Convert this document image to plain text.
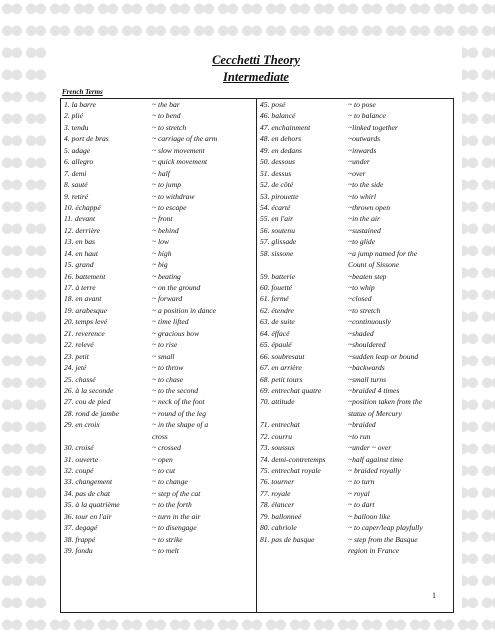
Cecchetti Theory
Intermediate
French Terms
1. la barre	~ the bar
2. plié	~ to bend
3. tendu	~ to stretch
4. port de bras	~ carriage of the arm
5. adage	~ slow movement
6. allegro	~ quick movement
7. demi	~ half
8. sauté	~ to jump
9. retiré	~ to withdraw
10. échappé	~ to escape
11. devant	~ front
12. derrière	~ behind
13. en bas	~ low
14. en haut	~ high
15. grand	~ big
16. battement	~ beating
17. à terre	~ on the ground
18. en avant	~ forward
19. arabesque	~ a position in dance
20. temps levé	~ time lifted
21. reverence	~ gracious bow
22. relevé	~ to rise
23. petit	~ small
24. jeté	~ to throw
25. chassé	~ to chase
26. à la seconde	~ to the second
27. cou de pied	~ neck of the foot
28. rond de jambe	~ round of the leg
29. en croix	~ in the shape of a
cross
30. croisé	~ crossed
31. ouverte	~ open
32. coupé	~ to cut
33. changement	~ to change
34. pas de chat	~ step of the cat
35. à la quatrième	~ to the forth
36. tour en l'air	~ turn in the air
37. degagé	~ to disengage
38. frappé	~ to strike
39. fondu	~ to melt
45. posé	~ to pose
46. balancé	~ to balance
47. enchainment	~linked together
48. en dehors	~outwards
49. en dedans	~inwards
50. dessous	~under
51. dessus	~over
52. de côté	~to the side
53. pirouette	~to whirl
54. écarté	~thrown open
55. en l'air	~in the air
56. soutenu	~sustained
57. glissade	~to glide
58. sissone	~a jump named for the
Count of Sissone
59. batterie	~beaten step
60. fouetté	~to whip
61. fermé	~closed
62. étendre	~to stretch
63. de suite	~continuously
64. éffacé	~shaded
65. épaulé	~shouldered
66. soubresaut	~sudden leap or bound
67. en arrière	~backwards
68. petit tours	~small turns
69. entrechat quatre	~braided 4 times
70. attitude	~position taken from the
statue of Mercury
71. entrechat	~braided
72. courru	~to run
73. soussus	~under ~ over
74. demi-contretemps	~half against time
75. entrechat royale	~ braided royally
76. tourner	~ to turn
77. royale	~ royal
78. élancer	~ to dart
79. ballonneé	~ balloon like
80. cabriole	~ to caper/leap playfully
81. pas de basque	~ step from the Basque
region in France
1
